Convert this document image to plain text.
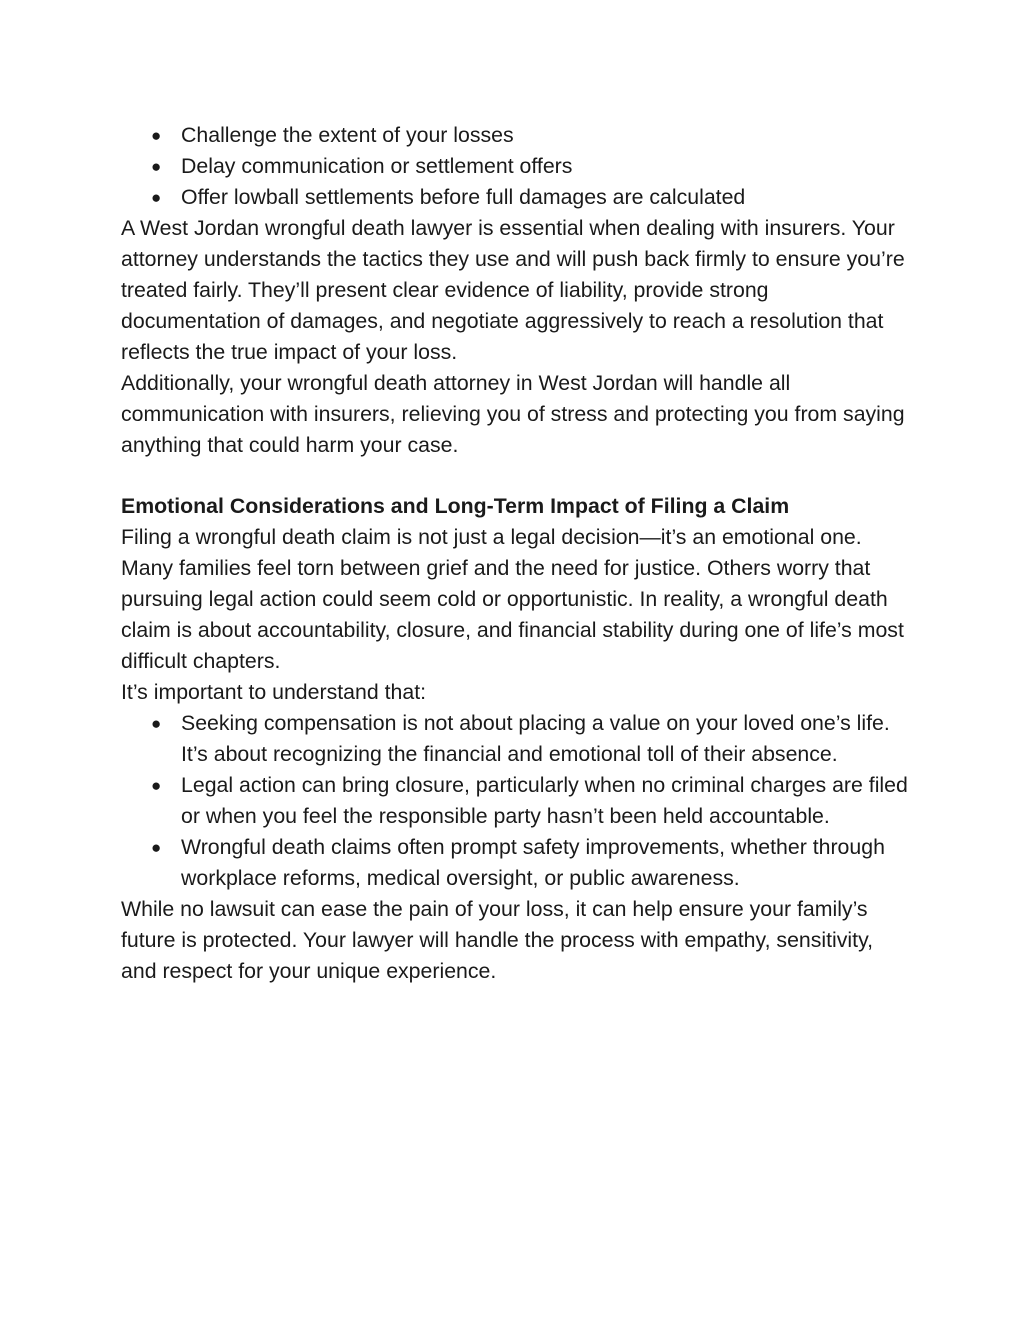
● Challenge the extent of your losses
● Delay communication or settlement offers
● Offer lowball settlements before full damages are calculated

A West Jordan wrongful death lawyer is essential when dealing with insurers. Your attorney understands the tactics they use and will push back firmly to ensure you’re treated fairly. They’ll present clear evidence of liability, provide strong documentation of damages, and negotiate aggressively to reach a resolution that reflects the true impact of your loss.

Additionally, your wrongful death attorney in West Jordan will handle all communication with insurers, relieving you of stress and protecting you from saying anything that could harm your case.

Emotional Considerations and Long-Term Impact of Filing a Claim

Filing a wrongful death claim is not just a legal decision—it’s an emotional one. Many families feel torn between grief and the need for justice. Others worry that pursuing legal action could seem cold or opportunistic. In reality, a wrongful death claim is about accountability, closure, and financial stability during one of life’s most difficult chapters.

It’s important to understand that:

● Seeking compensation is not about placing a value on your loved one’s life. It’s about recognizing the financial and emotional toll of their absence.
● Legal action can bring closure, particularly when no criminal charges are filed or when you feel the responsible party hasn’t been held accountable.
● Wrongful death claims often prompt safety improvements, whether through workplace reforms, medical oversight, or public awareness.

While no lawsuit can ease the pain of your loss, it can help ensure your family’s future is protected. Your lawyer will handle the process with empathy, sensitivity, and respect for your unique experience.
